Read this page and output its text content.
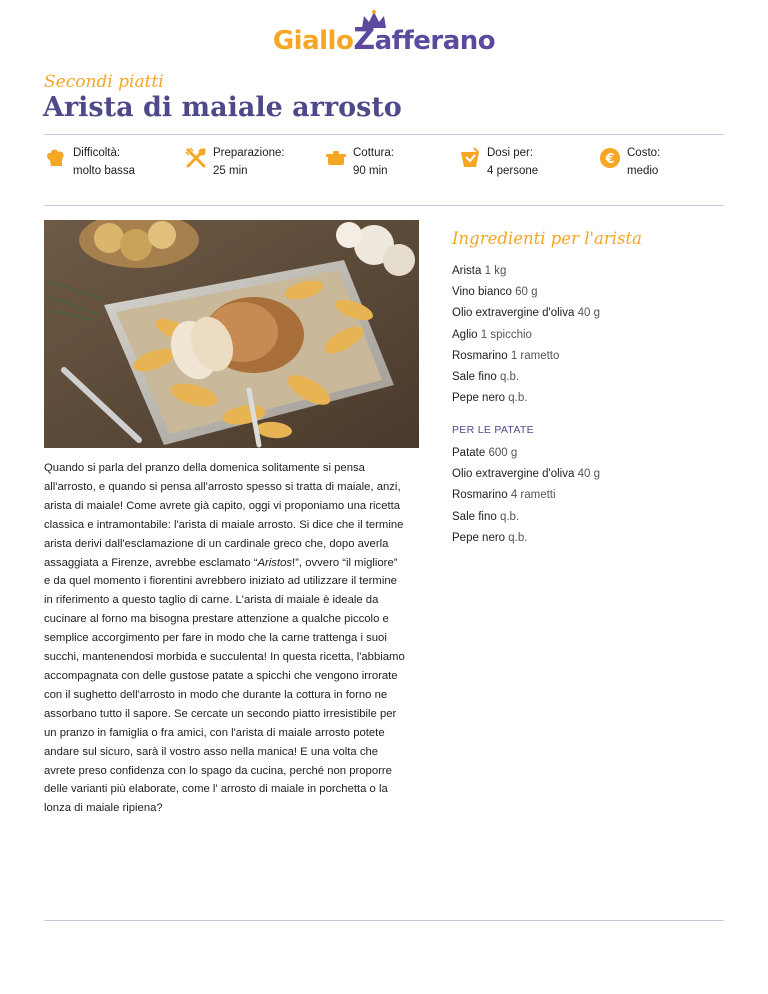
GialloZafferano
Secondi piatti
Arista di maiale arrosto
Difficoltà:
molto bassa
Preparazione:
25 min
Cottura:
90 min
Dosi per:
4 persone
€ Costo:
medio
Quando si parla del pranzo della domenica solitamente si pensa all'arrosto, e quando si pensa all'arrosto spesso si tratta di maiale, anzi, arista di maiale! Come avrete già capito, oggi vi proponiamo una ricetta classica e intramontabile: l'arista di maiale arrosto. Si dice che il termine arista derivi dall'esclamazione di un cardinale greco che, dopo averla assaggiata a Firenze, avrebbe esclamato “Aristos!”, ovvero “il migliore” e da quel momento i fiorentini avrebbero iniziato ad utilizzare il termine in riferimento a questo taglio di carne. L'arista di maiale è ideale da cucinare al forno ma bisogna prestare attenzione a qualche piccolo e semplice accorgimento per fare in modo che la carne trattenga i suoi succhi, mantenendosi morbida e succulenta! In questa ricetta, l'abbiamo accompagnata con delle gustose patate a spicchi che vengono irrorate con il sughetto dell'arrosto in modo che durante la cottura in forno ne assorbano tutto il sapore. Se cercate un secondo piatto irresistibile per un pranzo in famiglia o fra amici, con l'arista di maiale arrosto potete andare sul sicuro, sarà il vostro asso nella manica! E una volta che avrete preso confidenza con lo spago da cucina, perché non proporre delle varianti più elaborate, come l' arrosto di maiale in porchetta o la lonza di maiale ripiena?
Ingredienti per l'arista
Arista 1 kg
Vino bianco 60 g
Olio extravergine d'oliva 40 g
Aglio 1 spicchio
Rosmarino 1 rametto
Sale fino q.b.
Pepe nero q.b.
PER LE PATATE
Patate 600 g
Olio extravergine d'oliva 40 g
Rosmarino 4 rametti
Sale fino q.b.
Pepe nero q.b.
